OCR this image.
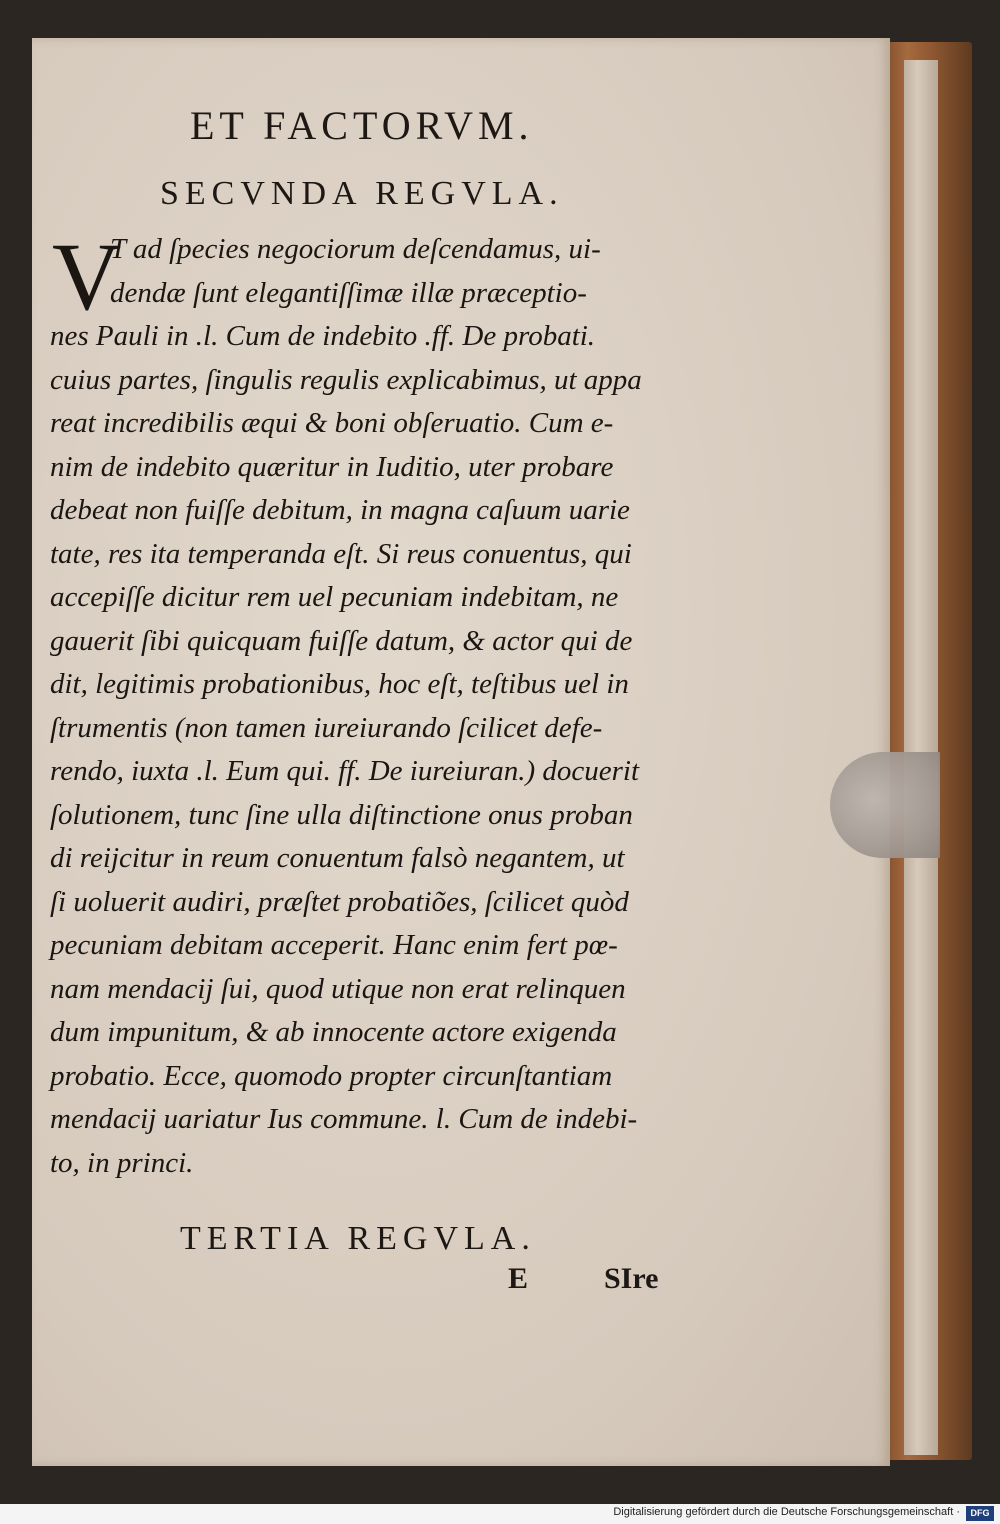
ET FACTORVM.
SECVNDA REGVLA.
V
T ad ſpecies negociorum deſcendamus, ui-
dendæ ſunt elegantiſſimæ illæ præceptio-
nes Pauli in .l. Cum de indebito .ff. De probati.
cuius partes, ſingulis regulis explicabimus, ut appa
reat incredibilis æqui & boni obſeruatio. Cum e-
nim de indebito quæritur in Iuditio, uter probare
debeat non fuiſſe debitum, in magna caſuum uarie
tate, res ita temperanda eſt. Si reus conuentus, qui
accepiſſe dicitur rem uel pecuniam indebitam, ne
gauerit ſibi quicquam fuiſſe datum, & actor qui de
dit, legitimis probationibus, hoc eſt, teſtibus uel in
ſtrumentis (non tamen iureiurando ſcilicet defe-
rendo, iuxta .l. Eum qui. ff. De iureiuran.) docuerit
ſolutionem, tunc ſine ulla diſtinctione onus proban
di reijcitur in reum conuentum falsò negantem, ut
ſi uoluerit audiri, præſtet probatiões, ſcilicet quòd
pecuniam debitam acceperit. Hanc enim fert pœ-
nam mendacij ſui, quod utique non erat relinquen
dum impunitum, & ab innocente actore exigenda
probatio. Ecce, quomodo propter circunſtantiam
mendacij uariatur Ius commune. l. Cum de indebi-
to, in princi.
TERTIA REGVLA.
E	SIre
Digitalisierung gefördert durch die Deutsche Forschungsgemeinschaft ·	DFG
